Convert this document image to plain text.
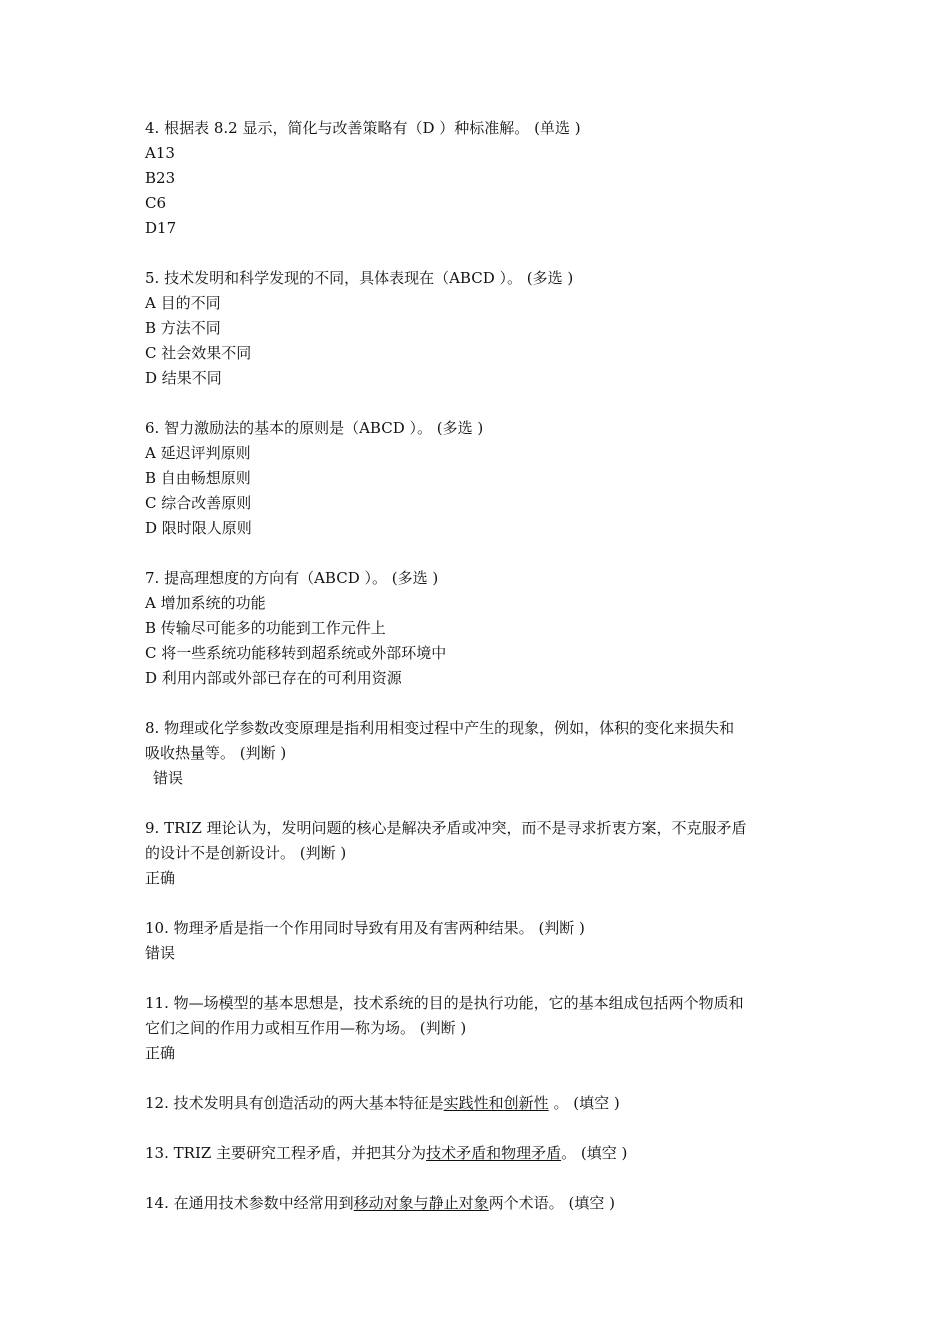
4. 根据表 8.2 显示，简化与改善策略有（D ）种标准解。 (单选 )
A13
B23
C6
D17
5. 技术发明和科学发现的不同，具体表现在（ABCD ）。 (多选 )
A 目的不同
B 方法不同
C 社会效果不同
D 结果不同
6. 智力激励法的基本的原则是（ABCD ）。 (多选 )
A 延迟评判原则
B 自由畅想原则
C 综合改善原则
D 限时限人原则
7. 提高理想度的方向有（ABCD ）。 (多选 )
A 增加系统的功能
B 传输尽可能多的功能到工作元件上
C 将一些系统功能移转到超系统或外部环境中
D 利用内部或外部已存在的可利用资源
8. 物理或化学参数改变原理是指利用相变过程中产生的现象，例如，体积的变化来损失和
吸收热量等。 (判断 )
错误
9. TRIZ 理论认为，发明问题的核心是解决矛盾或冲突，而不是寻求折衷方案，不克服矛盾
的设计不是创新设计。 (判断 )
正确
10. 物理矛盾是指一个作用同时导致有用及有害两种结果。 (判断 )
错误
11. 物—场模型的基本思想是，技术系统的目的是执行功能，它的基本组成包括两个物质和
它们之间的作用力或相互作用—称为场。 (判断 )
正确
12. 技术发明具有创造活动的两大基本特征是实践性和创新性 。 (填空 )
13. TRIZ 主要研究工程矛盾，并把其分为技术矛盾和物理矛盾。 (填空 )
14. 在通用技术参数中经常用到移动对象与静止对象两个术语。 (填空 )
